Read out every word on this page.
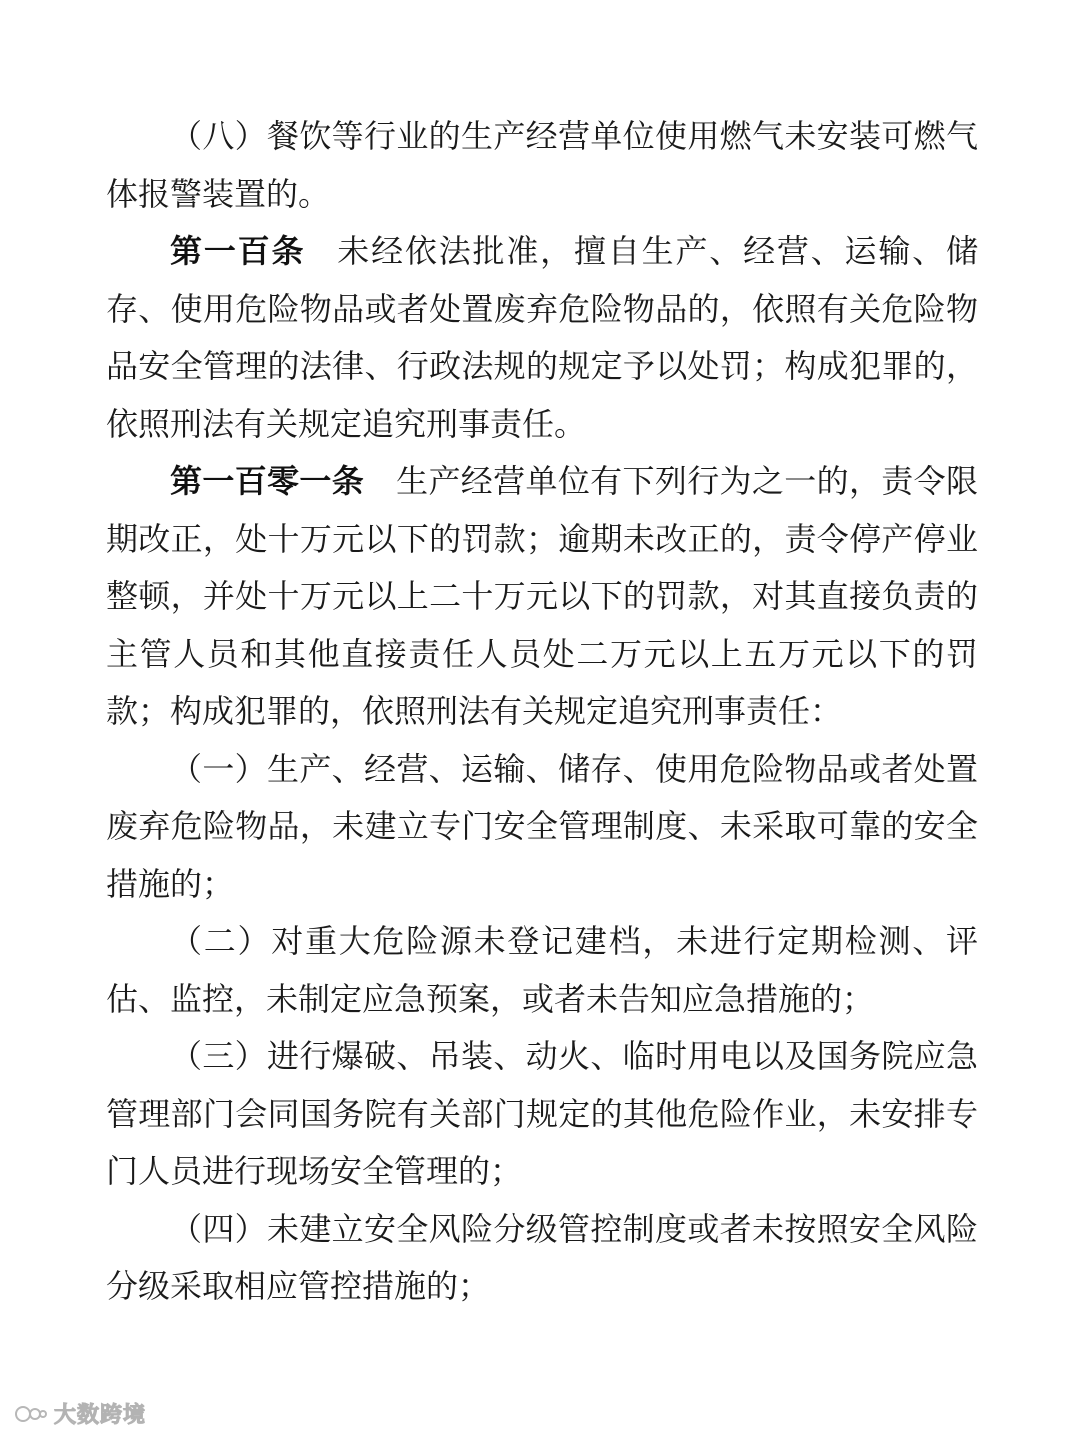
（八）餐饮等行业的生产经营单位使用燃气未安装可燃气体报警装置的。

第一百条 未经依法批准，擅自生产、经营、运输、储存、使用危险物品或者处置废弃危险物品的，依照有关危险物品安全管理的法律、行政法规的规定予以处罚；构成犯罪的，依照刑法有关规定追究刑事责任。

第一百零一条 生产经营单位有下列行为之一的，责令限期改正，处十万元以下的罚款；逾期未改正的，责令停产停业整顿，并处十万元以上二十万元以下的罚款，对其直接负责的主管人员和其他直接责任人员处二万元以上五万元以下的罚款；构成犯罪的，依照刑法有关规定追究刑事责任：

（一）生产、经营、运输、储存、使用危险物品或者处置废弃危险物品，未建立专门安全管理制度、未采取可靠的安全措施的；

（二）对重大危险源未登记建档，未进行定期检测、评估、监控，未制定应急预案，或者未告知应急措施的；

（三）进行爆破、吊装、动火、临时用电以及国务院应急管理部门会同国务院有关部门规定的其他危险作业，未安排专门人员进行现场安全管理的；

（四）未建立安全风险分级管控制度或者未按照安全风险分级采取相应管控措施的；

大数跨境
